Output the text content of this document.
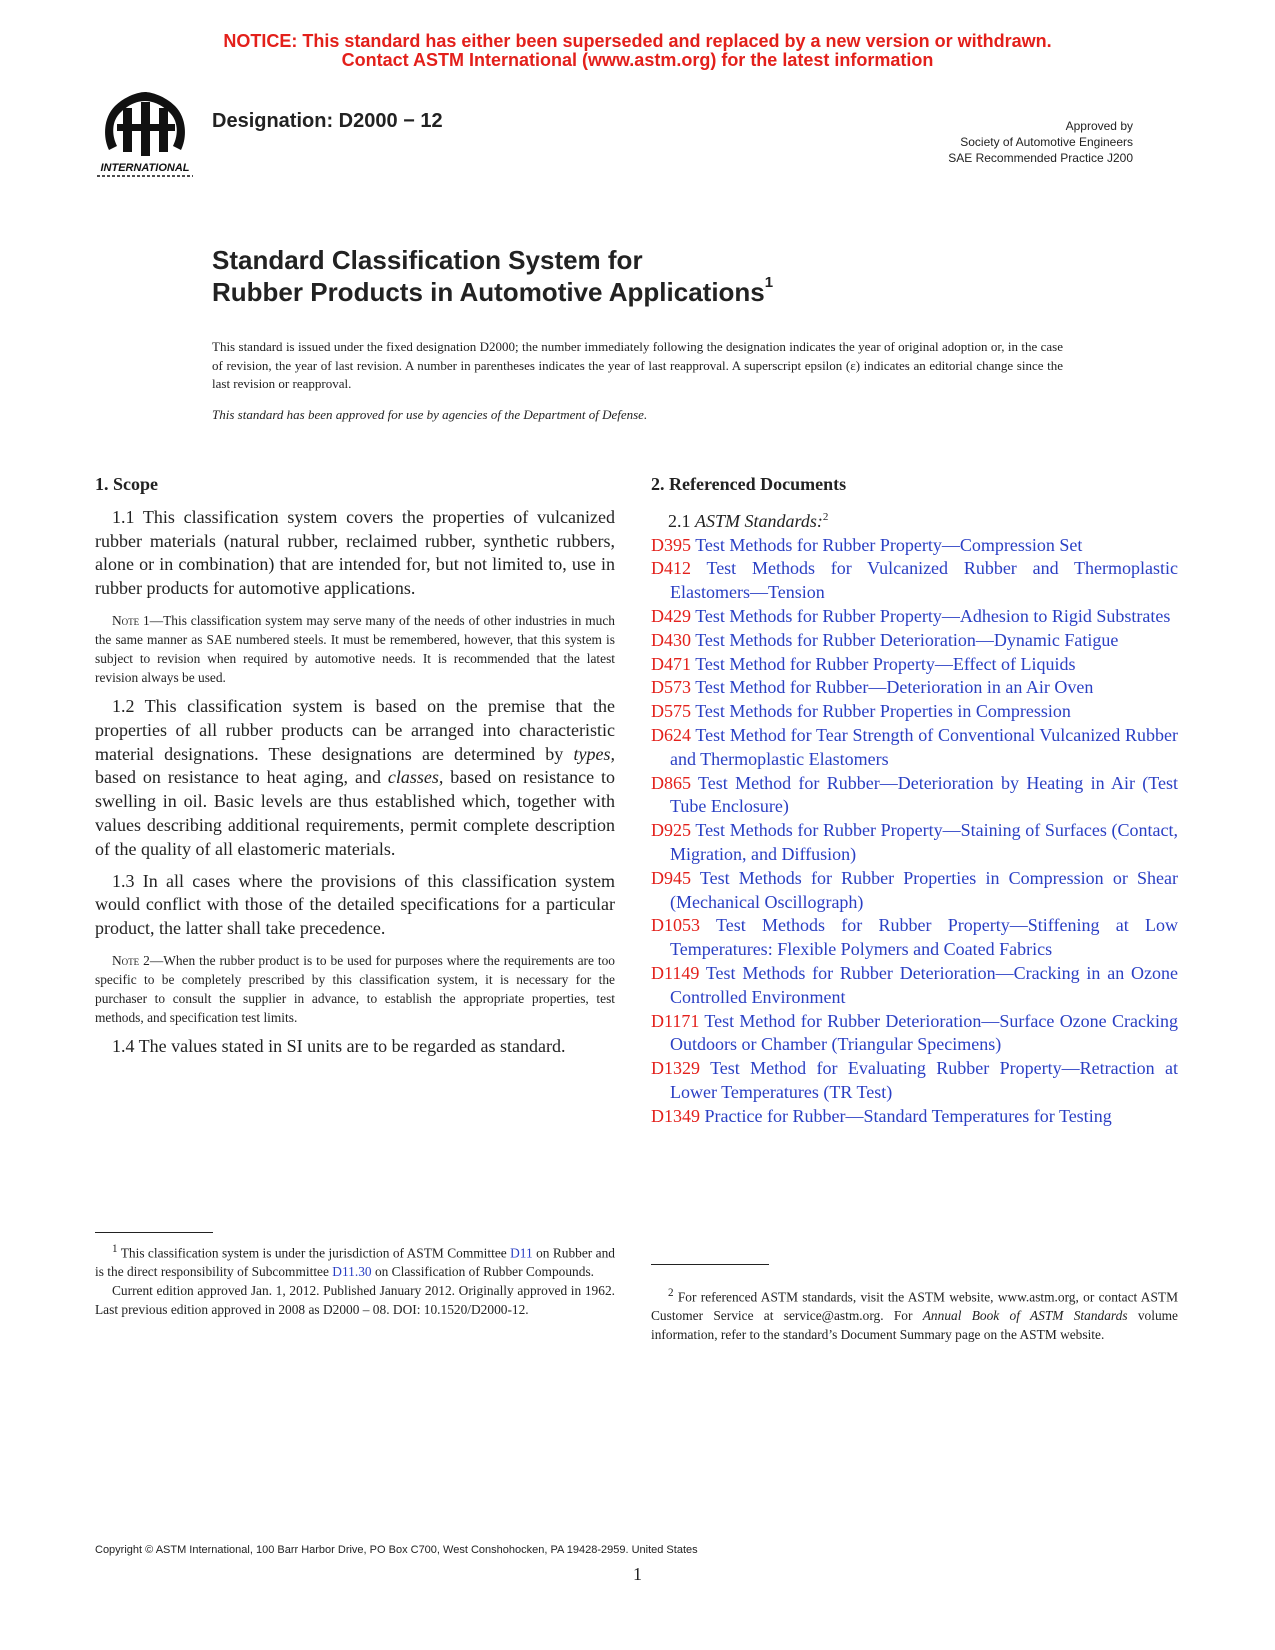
NOTICE: This standard has either been superseded and replaced by a new version or withdrawn.
Contact ASTM International (www.astm.org) for the latest information
INTERNATIONAL
Designation: D2000 − 12	Approved by
Society of Automotive Engineers
SAE Recommended Practice J200
Standard Classification System for
Rubber Products in Automotive Applications$^1$
This standard is issued under the fixed designation D2000; the number immediately following the designation indicates the year of original adoption or, in the case of revision, the year of last revision. A number in parentheses indicates the year of last reapproval. A superscript epsilon (ε) indicates an editorial change since the last revision or reapproval.
This standard has been approved for use by agencies of the Department of Defense.
1. Scope

1.1 This classification system covers the properties of vulcanized rubber materials (natural rubber, reclaimed rubber, synthetic rubbers, alone or in combination) that are intended for, but not limited to, use in rubber products for automotive applications.

Note 1—This classification system may serve many of the needs of other industries in much the same manner as SAE numbered steels. It must be remembered, however, that this system is subject to revision when required by automotive needs. It is recommended that the latest revision always be used.

1.2 This classification system is based on the premise that the properties of all rubber products can be arranged into characteristic material designations. These designations are determined by types, based on resistance to heat aging, and classes, based on resistance to swelling in oil. Basic levels are thus established which, together with values describing additional requirements, permit complete description of the quality of all elastomeric materials.

1.3 In all cases where the provisions of this classification system would conflict with those of the detailed specifications for a particular product, the latter shall take precedence.

Note 2—When the rubber product is to be used for purposes where the requirements are too specific to be completely prescribed by this classification system, it is necessary for the purchaser to consult the supplier in advance, to establish the appropriate properties, test methods, and specification test limits.

1.4 The values stated in SI units are to be regarded as standard.

2. Referenced Documents

2.1 ASTM Standards:$^2$

D395 Test Methods for Rubber Property—Compression Set

D412 Test Methods for Vulcanized Rubber and Thermoplastic Elastomers—Tension

D429 Test Methods for Rubber Property—Adhesion to Rigid Substrates

D430 Test Methods for Rubber Deterioration—Dynamic Fatigue

D471 Test Method for Rubber Property—Effect of Liquids

D573 Test Method for Rubber—Deterioration in an Air Oven

D575 Test Methods for Rubber Properties in Compression

D624 Test Method for Tear Strength of Conventional Vulcanized Rubber and Thermoplastic Elastomers

D865 Test Method for Rubber—Deterioration by Heating in Air (Test Tube Enclosure)

D925 Test Methods for Rubber Property—Staining of Surfaces (Contact, Migration, and Diffusion)

D945 Test Methods for Rubber Properties in Compression or Shear (Mechanical Oscillograph)

D1053 Test Methods for Rubber Property—Stiffening at Low Temperatures: Flexible Polymers and Coated Fabrics

D1149 Test Methods for Rubber Deterioration—Cracking in an Ozone Controlled Environment

D1171 Test Method for Rubber Deterioration—Surface Ozone Cracking Outdoors or Chamber (Triangular Specimens)

D1329 Test Method for Evaluating Rubber Property—Retraction at Lower Temperatures (TR Test)

D1349 Practice for Rubber—Standard Temperatures for Testing

$^1$ This classification system is under the jurisdiction of ASTM Committee D11 on Rubber and is the direct responsibility of Subcommittee D11.30 on Classification of Rubber Compounds.

Current edition approved Jan. 1, 2012. Published January 2012. Originally approved in 1962. Last previous edition approved in 2008 as D2000 – 08. DOI: 10.1520/D2000-12.

$^2$ For referenced ASTM standards, visit the ASTM website, www.astm.org, or contact ASTM Customer Service at service@astm.org. For Annual Book of ASTM Standards volume information, refer to the standard’s Document Summary page on the ASTM website.

Copyright © ASTM International, 100 Barr Harbor Drive, PO Box C700, West Conshohocken, PA 19428-2959. United States
1
